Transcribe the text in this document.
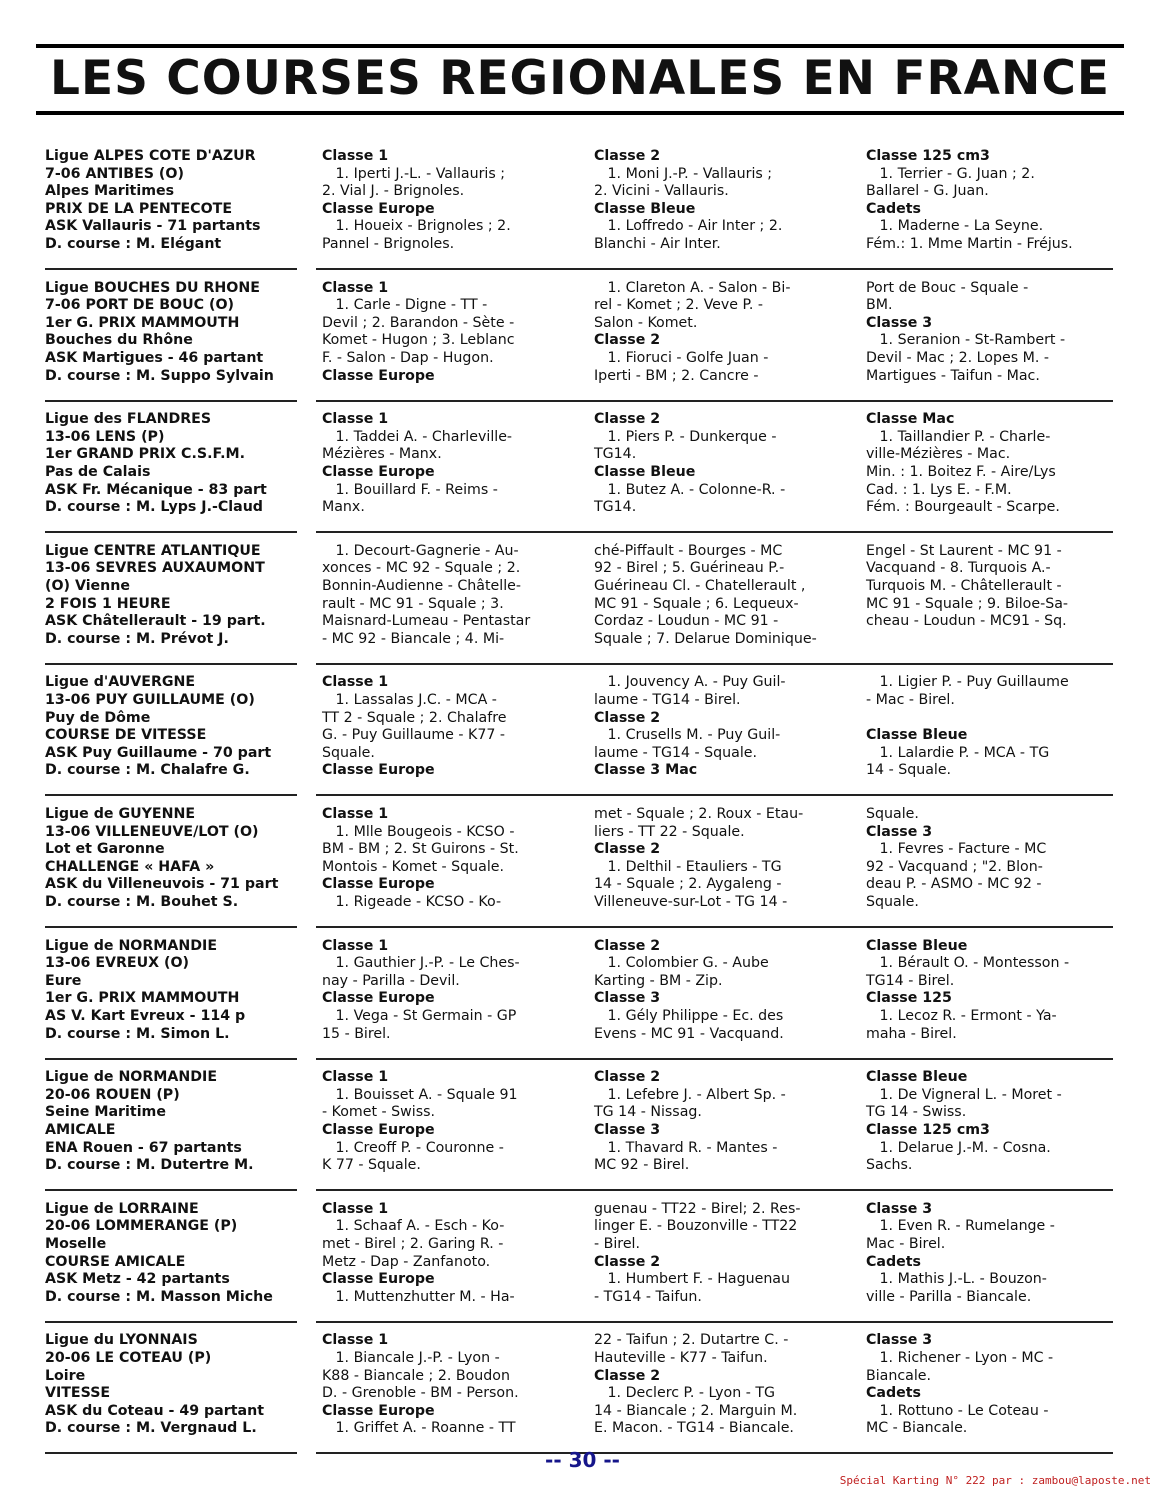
LES COURSES REGIONALES EN FRANCE
Ligue ALPES COTE D'AZUR
7-06 ANTIBES (O)
Alpes Maritimes
PRIX DE LA PENTECOTE
ASK Vallauris - 71 partants
D. course : M. Elégant
Classe 1
1. Iperti J.-L. - Vallauris ;
2. Vial J. - Brignoles.
Classe Europe
1. Houeix - Brignoles ; 2.
Pannel - Brignoles.
Classe 2
1. Moni J.-P. - Vallauris ;
2. Vicini - Vallauris.
Classe Bleue
1. Loffredo - Air Inter ; 2.
Blanchi - Air Inter.
Classe 125 cm3
1. Terrier - G. Juan ; 2.
Ballarel - G. Juan.
Cadets
1. Maderne - La Seyne.
Fém.: 1. Mme Martin - Fréjus.
Ligue BOUCHES DU RHONE
7-06 PORT DE BOUC (O)
1er G. PRIX MAMMOUTH
Bouches du Rhône
ASK Martigues - 46 partant
D. course : M. Suppo Sylvain
Classe 1
1. Carle - Digne - TT -
Devil ; 2. Barandon - Sète -
Komet - Hugon ; 3. Leblanc
F. - Salon - Dap - Hugon.
Classe Europe
1. Clareton A. - Salon - Bi-
rel - Komet ; 2. Veve P. -
Salon - Komet.
Classe 2
1. Fioruci - Golfe Juan -
Iperti - BM ; 2. Cancre -
Port de Bouc - Squale -
BM.
Classe 3
1. Seranion - St-Rambert -
Devil - Mac ; 2. Lopes M. -
Martigues - Taifun - Mac.
Ligue des FLANDRES
13-06 LENS (P)
1er GRAND PRIX C.S.F.M.
Pas de Calais
ASK Fr. Mécanique - 83 part
D. course : M. Lyps J.-Claud
Classe 1
1. Taddei A. - Charleville-
Mézières - Manx.
Classe Europe
1. Bouillard F. - Reims -
Manx.
Classe 2
1. Piers P. - Dunkerque -
TG14.
Classe Bleue
1. Butez A. - Colonne-R. -
TG14.
Classe Mac
1. Taillandier P. - Charle-
ville-Mézières - Mac.
Min. : 1. Boitez F. - Aire/Lys
Cad. : 1. Lys E. - F.M.
Fém. : Bourgeault - Scarpe.
Ligue CENTRE ATLANTIQUE
13-06 SEVRES AUXAUMONT
(O) Vienne
2 FOIS 1 HEURE
ASK Châtellerault - 19 part.
D. course : M. Prévot J.
1. Decourt-Gagnerie - Au-
xonces - MC 92 - Squale ; 2.
Bonnin-Audienne - Châtelle-
rault - MC 91 - Squale ; 3.
Maisnard-Lumeau - Pentastar
- MC 92 - Biancale ; 4. Mi-
ché-Piffault - Bourges - MC
92 - Birel ; 5. Guérineau P.-
Guérineau Cl. - Chatellerault ,
MC 91 - Squale ; 6. Lequeux-
Cordaz - Loudun - MC 91 -
Squale ; 7. Delarue Dominique-
Engel - St Laurent - MC 91 -
Vacquand - 8. Turquois A.-
Turquois M. - Châtellerault -
MC 91 - Squale ; 9. Biloe-Sa-
cheau - Loudun - MC91 - Sq.
Ligue d'AUVERGNE
13-06 PUY GUILLAUME (O)
Puy de Dôme
COURSE DE VITESSE
ASK Puy Guillaume - 70 part
D. course : M. Chalafre G.
Classe 1
1. Lassalas J.C. - MCA -
TT 2 - Squale ; 2. Chalafre
G. - Puy Guillaume - K77 -
Squale.
Classe Europe
1. Jouvency A. - Puy Guil-
laume - TG14 - Birel.
Classe 2
1. Crusells M. - Puy Guil-
laume - TG14 - Squale.
Classe 3 Mac
1. Ligier P. - Puy Guillaume
- Mac - Birel.
Classe Bleue
1. Lalardie P. - MCA - TG
14 - Squale.
Ligue de GUYENNE
13-06 VILLENEUVE/LOT (O)
Lot et Garonne
CHALLENGE « HAFA »
ASK du Villeneuvois - 71 part
D. course : M. Bouhet S.
Classe 1
1. Mlle Bougeois - KCSO -
BM - BM ; 2. St Guirons - St.
Montois - Komet - Squale.
Classe Europe
1. Rigeade - KCSO - Ko-
met - Squale ; 2. Roux - Etau-
liers - TT 22 - Squale.
Classe 2
1. Delthil - Etauliers - TG
14 - Squale ; 2. Aygaleng -
Villeneuve-sur-Lot - TG 14 -
Squale.
Classe 3
1. Fevres - Facture - MC
92 - Vacquand ; "2. Blon-
deau P. - ASMO - MC 92 -
Squale.
Ligue de NORMANDIE
13-06 EVREUX (O)
Eure
1er G. PRIX MAMMOUTH
AS V. Kart Evreux - 114 p
D. course : M. Simon L.
Classe 1
1. Gauthier J.-P. - Le Ches-
nay - Parilla - Devil.
Classe Europe
1. Vega - St Germain - GP
15 - Birel.
Classe 2
1. Colombier G. - Aube
Karting - BM - Zip.
Classe 3
1. Gély Philippe - Ec. des
Evens - MC 91 - Vacquand.
Classe Bleue
1. Bérault O. - Montesson -
TG14 - Birel.
Classe 125
1. Lecoz R. - Ermont - Ya-
maha - Birel.
Ligue de NORMANDIE
20-06 ROUEN (P)
Seine Maritime
AMICALE
ENA Rouen - 67 partants
D. course : M. Dutertre M.
Classe 1
1. Bouisset A. - Squale 91
- Komet - Swiss.
Classe Europe
1. Creoff P. - Couronne -
K 77 - Squale.
Classe 2
1. Lefebre J. - Albert Sp. -
TG 14 - Nissag.
Classe 3
1. Thavard R. - Mantes -
MC 92 - Birel.
Classe Bleue
1. De Vigneral L. - Moret -
TG 14 - Swiss.
Classe 125 cm3
1. Delarue J.-M. - Cosna.
Sachs.
Ligue de LORRAINE
20-06 LOMMERANGE (P)
Moselle
COURSE AMICALE
ASK Metz - 42 partants
D. course : M. Masson Miche
Classe 1
1. Schaaf A. - Esch - Ko-
met - Birel ; 2. Garing R. -
Metz - Dap - Zanfanoto.
Classe Europe
1. Muttenzhutter M. - Ha-
guenau - TT22 - Birel; 2. Res-
linger E. - Bouzonville - TT22
- Birel.
Classe 2
1. Humbert F. - Haguenau
- TG14 - Taifun.
Classe 3
1. Even R. - Rumelange -
Mac - Birel.
Cadets
1. Mathis J.-L. - Bouzon-
ville - Parilla - Biancale.
Ligue du LYONNAIS
20-06 LE COTEAU (P)
Loire
VITESSE
ASK du Coteau - 49 partant
D. course : M. Vergnaud L.
Classe 1
1. Biancale J.-P. - Lyon -
K88 - Biancale ; 2. Boudon
D. - Grenoble - BM - Person.
Classe Europe
1. Griffet A. - Roanne - TT
22 - Taifun ; 2. Dutartre C. -
Hauteville - K77 - Taifun.
Classe 2
1. Declerc P. - Lyon - TG
14 - Biancale ; 2. Marguin M.
E. Macon. - TG14 - Biancale.
Classe 3
1. Richener - Lyon - MC -
Biancale.
Cadets
1. Rottuno - Le Coteau -
MC - Biancale.
-- 30 --
Spécial Karting N° 222 par : zambou@laposte.net
